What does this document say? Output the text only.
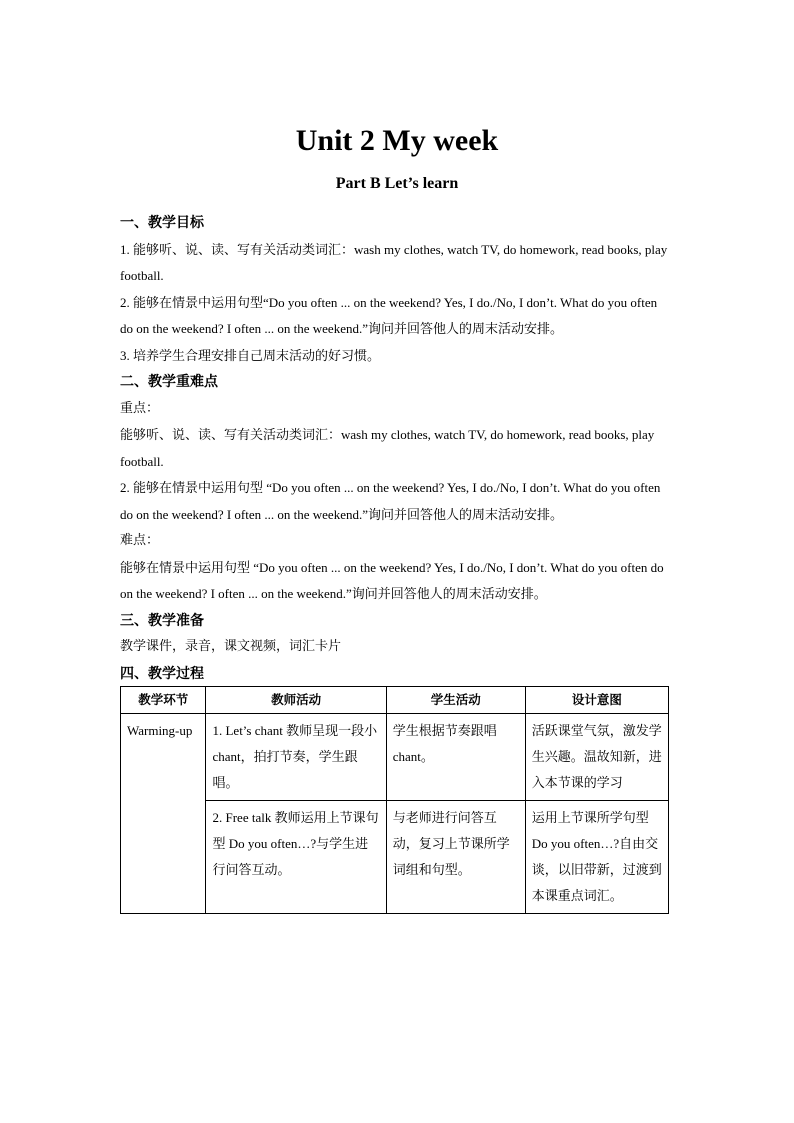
Unit 2 My week
Part B Let’s learn

一、教学目标

1. 能够听、说、读、写有关活动类词汇：wash my clothes, watch TV, do homework, read books, play football.

2. 能够在情景中运用句型“Do you often ... on the weekend? Yes, I do./No, I don’t. What do you often do on the weekend? I often ... on the weekend.”询问并回答他人的周末活动安排。

3. 培养学生合理安排自己周末活动的好习惯。

二、教学重难点

重点：

能够听、说、读、写有关活动类词汇：wash my clothes, watch TV, do homework, read books, play football.

2. 能够在情景中运用句型 “Do you often ... on the weekend? Yes, I do./No, I don’t. What do you often do on the weekend? I often ... on the weekend.”询问并回答他人的周末活动安排。

难点：

能够在情景中运用句型 “Do you often ... on the weekend? Yes, I do./No, I don’t. What do you often do on the weekend? I often ... on the weekend.”询问并回答他人的周末活动安排。

三、教学准备

教学课件，录音，课文视频，词汇卡片

四、教学过程

教学环节	教师活动	学生活动	设计意图
Warming-up	1. Let’s chant 教师呈现一段小 chant，拍打节奏，学生跟唱。	学生根据节奏跟唱 chant。	活跃课堂气氛，激发学生兴趣。温故知新，进入本节课的学习
	2. Free talk 教师运用上节课句型 Do you often…?与学生进行问答互动。	与老师进行问答互动，复习上节课所学词组和句型。	运用上节课所学句型 Do you often…?自由交谈，以旧带新，过渡到本课重点词汇。
